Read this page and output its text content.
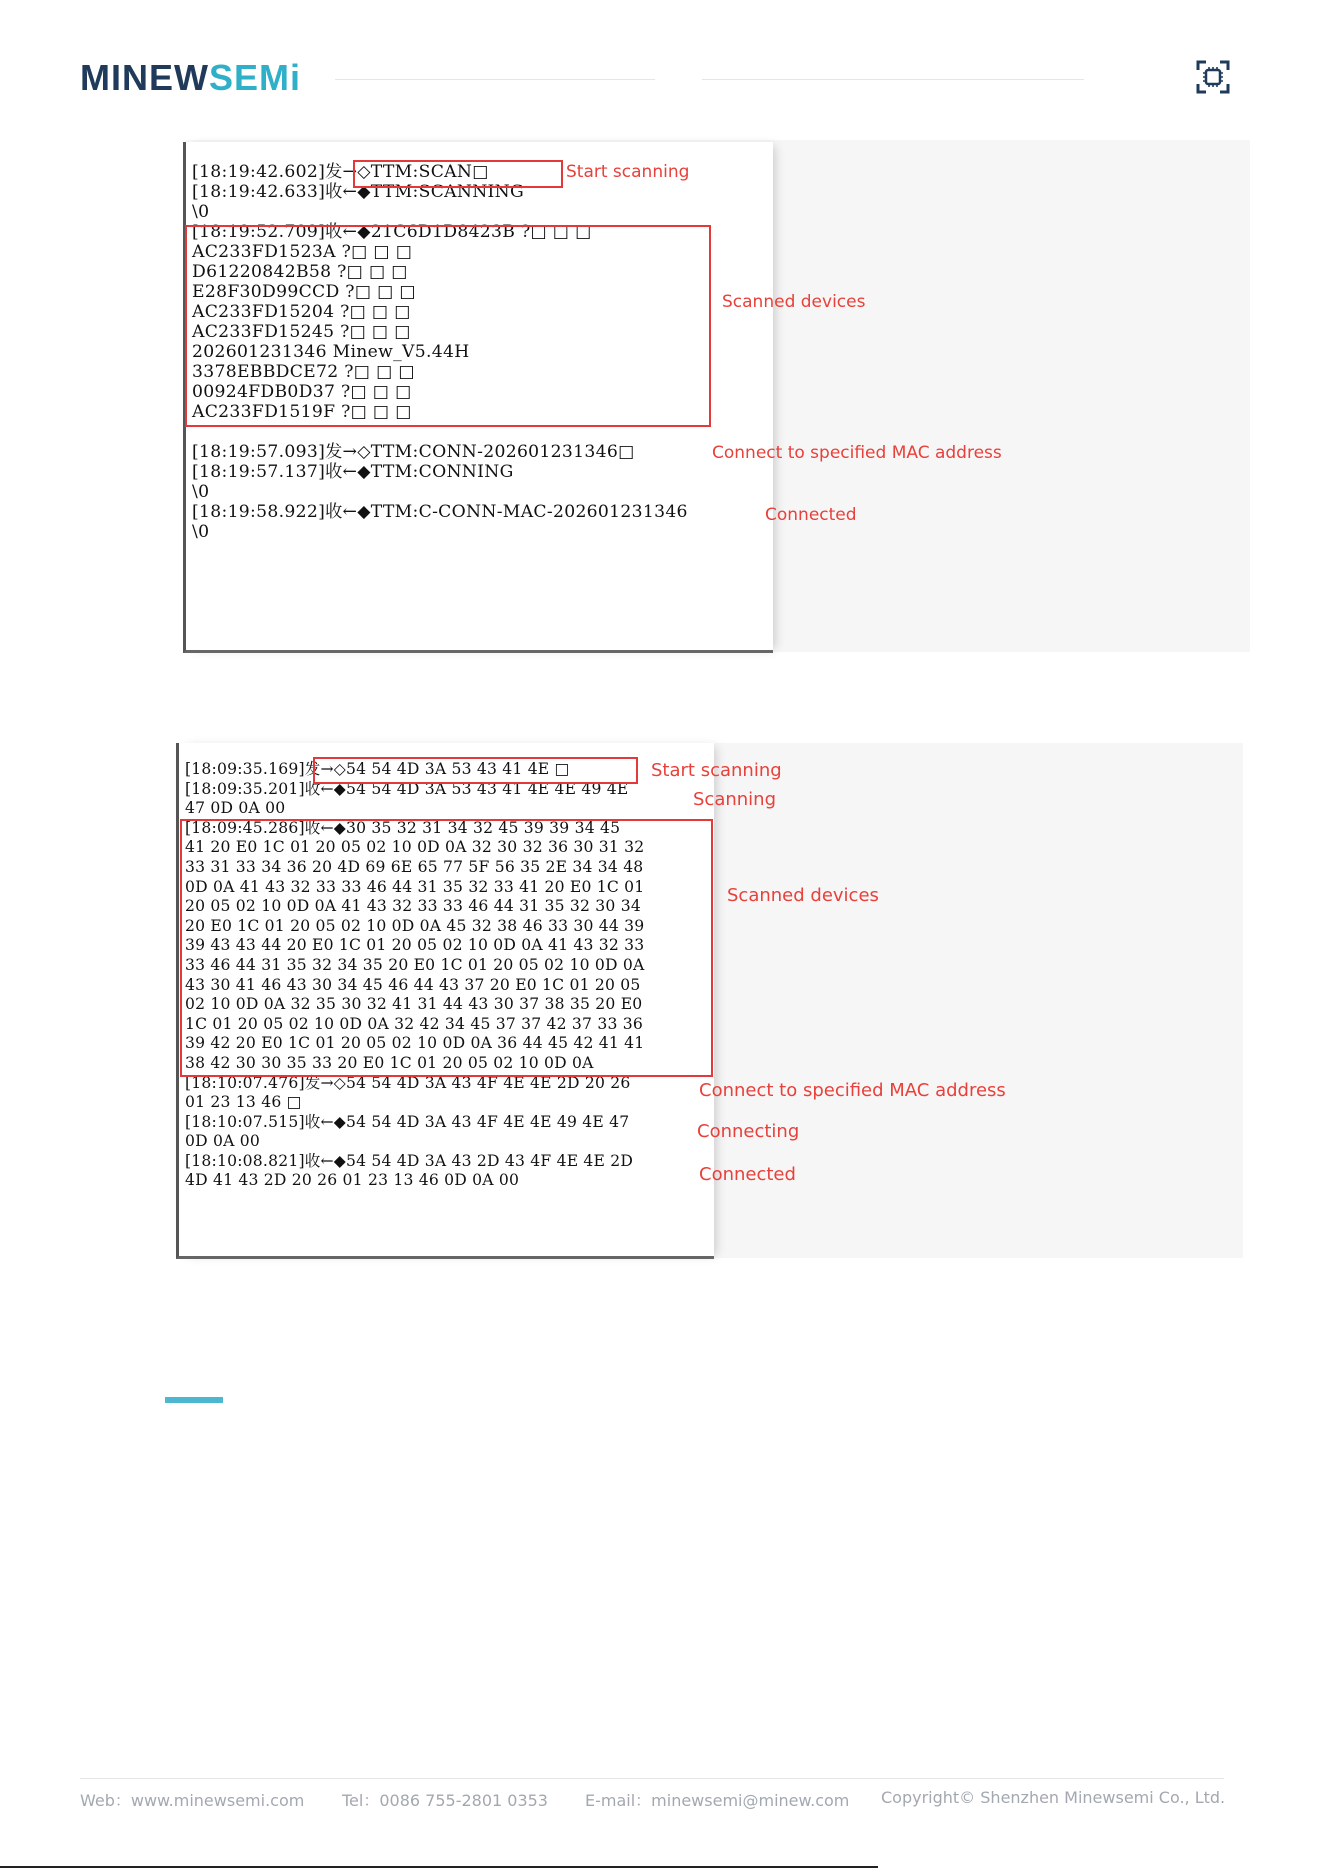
MINEWSEMi
[18:19:42.602]发→◇TTM:SCAN□
[18:19:42.633]收←◆TTM:SCANNING
\0
[18:19:52.709]收←◆21C6D1D8423B ?□ □ □
AC233FD1523A ?□ □ □
D61220842B58 ?□ □ □
E28F30D99CCD ?□ □ □
AC233FD15204 ?□ □ □
AC233FD15245 ?□ □ □
202601231346 Minew_V5.44H
3378EBBDCE72 ?□ □ □
00924FDB0D37 ?□ □ □
AC233FD1519F ?□ □ □

[18:19:57.093]发→◇TTM:CONN-202601231346□
[18:19:57.137]收←◆TTM:CONNING
\0
[18:19:58.922]收←◆TTM:C-CONN-MAC-202601231346
\0
Start scanning
Scanned devices
Connect to specified MAC address
Connected
[18:09:35.169]发→◇54 54 4D 3A 53 43 41 4E □
[18:09:35.201]收←◆54 54 4D 3A 53 43 41 4E 4E 49 4E
47 0D 0A 00
[18:09:45.286]收←◆30 35 32 31 34 32 45 39 39 34 45
41 20 E0 1C 01 20 05 02 10 0D 0A 32 30 32 36 30 31 32
33 31 33 34 36 20 4D 69 6E 65 77 5F 56 35 2E 34 34 48
0D 0A 41 43 32 33 33 46 44 31 35 32 33 41 20 E0 1C 01
20 05 02 10 0D 0A 41 43 32 33 33 46 44 31 35 32 30 34
20 E0 1C 01 20 05 02 10 0D 0A 45 32 38 46 33 30 44 39
39 43 43 44 20 E0 1C 01 20 05 02 10 0D 0A 41 43 32 33
33 46 44 31 35 32 34 35 20 E0 1C 01 20 05 02 10 0D 0A
43 30 41 46 43 30 34 45 46 44 43 37 20 E0 1C 01 20 05
02 10 0D 0A 32 35 30 32 41 31 44 43 30 37 38 35 20 E0
1C 01 20 05 02 10 0D 0A 32 42 34 45 37 37 42 37 33 36
39 42 20 E0 1C 01 20 05 02 10 0D 0A 36 44 45 42 41 41
38 42 30 30 35 33 20 E0 1C 01 20 05 02 10 0D 0A
[18:10:07.476]发→◇54 54 4D 3A 43 4F 4E 4E 2D 20 26
01 23 13 46 □
[18:10:07.515]收←◆54 54 4D 3A 43 4F 4E 4E 49 4E 47
0D 0A 00
[18:10:08.821]收←◆54 54 4D 3A 43 2D 43 4F 4E 4E 2D
4D 41 43 2D 20 26 01 23 13 46 0D 0A 00
Start scanning
Scanning
Scanned devices
Connect to specified MAC address
Connecting
Connected
Web：www.minewsemi.com Tel：0086 755-2801 0353 E-mail：minewsemi@minew.com Copyright© Shenzhen Minewsemi Co., Ltd.
